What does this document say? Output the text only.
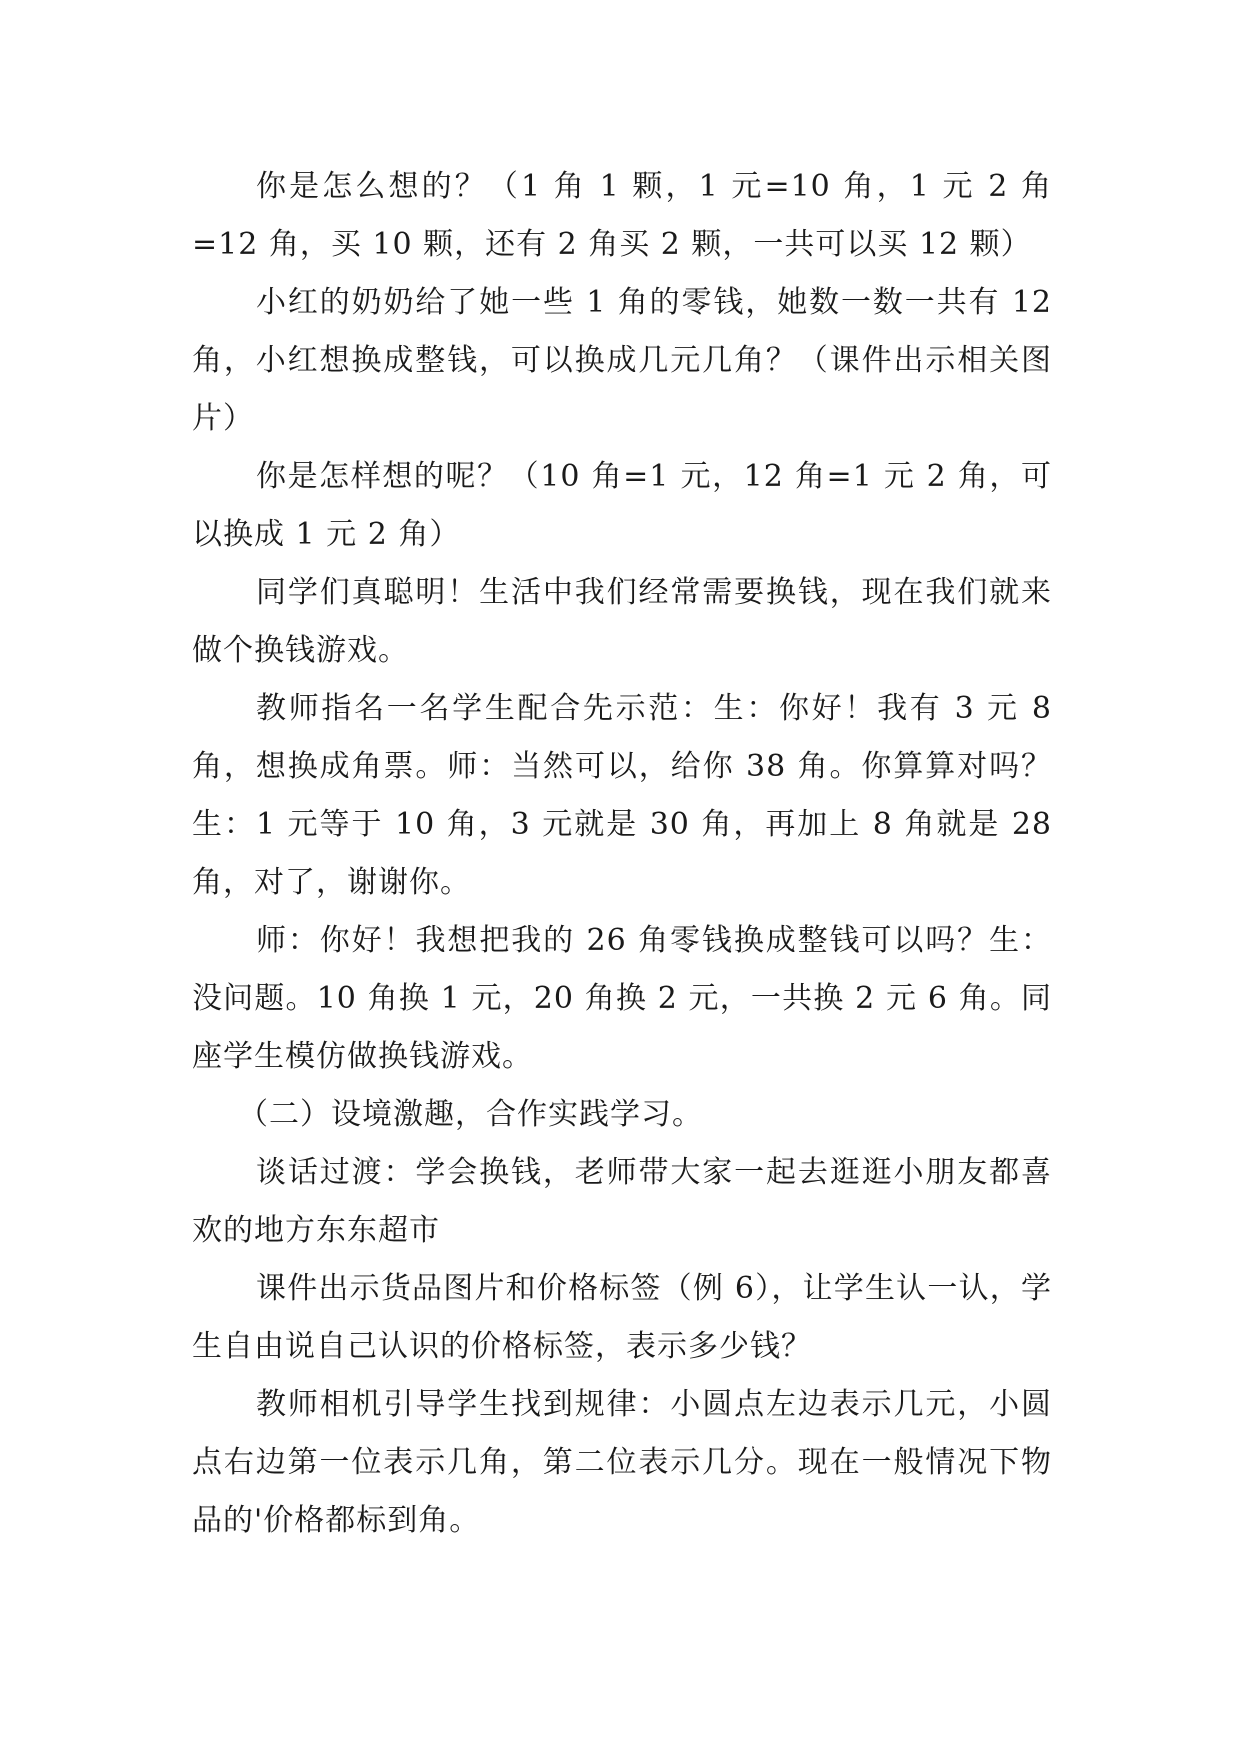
你是怎么想的？（1 角 1 颗，1 元=10 角，1 元 2 角=12 角，买 10 颗，还有 2 角买 2 颗，一共可以买 12 颗）

小红的奶奶给了她一些 1 角的零钱，她数一数一共有 12 角，小红想换成整钱，可以换成几元几角？（课件出示相关图片）

你是怎样想的呢？（10 角=1 元，12 角=1 元 2 角，可以换成 1 元 2 角）

同学们真聪明！生活中我们经常需要换钱，现在我们就来做个换钱游戏。

教师指名一名学生配合先示范：生：你好！我有 3 元 8 角，想换成角票。师：当然可以，给你 38 角。你算算对吗？生：1 元等于 10 角，3 元就是 30 角，再加上 8 角就是 28 角，对了，谢谢你。

师：你好！我想把我的 26 角零钱换成整钱可以吗？生：没问题。10 角换 1 元，20 角换 2 元，一共换 2 元 6 角。同座学生模仿做换钱游戏。

（二）设境激趣，合作实践学习。

谈话过渡：学会换钱，老师带大家一起去逛逛小朋友都喜欢的地方东东超市

课件出示货品图片和价格标签（例 6），让学生认一认，学生自由说自己认识的价格标签，表示多少钱？

教师相机引导学生找到规律：小圆点左边表示几元，小圆点右边第一位表示几角，第二位表示几分。现在一般情况下物品的'价格都标到角。
